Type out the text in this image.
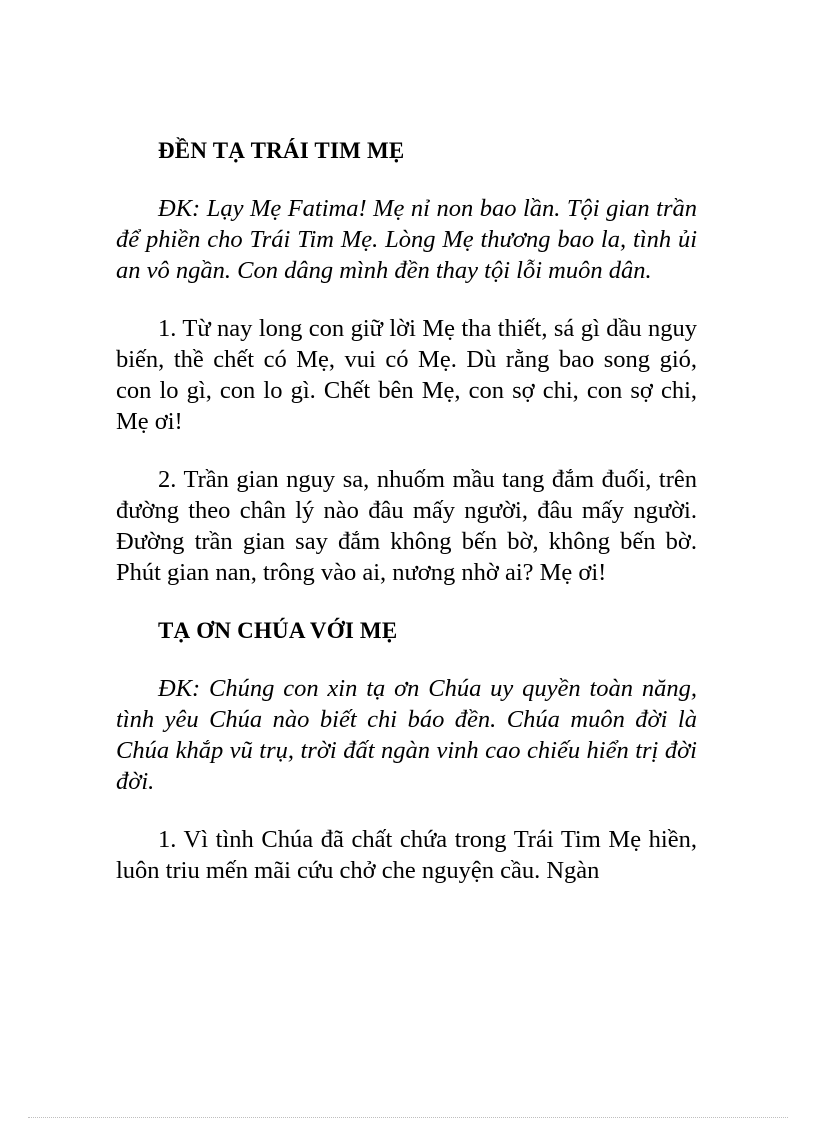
ĐỀN TẠ TRÁI TIM MẸ

ĐK: Lạy Mẹ Fatima! Mẹ nỉ non bao lần. Tội gian trần để phiền cho Trái Tim Mẹ. Lòng Mẹ thương bao la, tình ủi an vô ngần. Con dâng mình đền thay tội lỗi muôn dân.

1. Từ nay long con giữ lời Mẹ tha thiết, sá gì dầu nguy biến, thề chết có Mẹ, vui có Mẹ. Dù rằng bao song gió, con lo gì, con lo gì. Chết bên Mẹ, con sợ chi, con sợ chi, Mẹ ơi!

2. Trần gian nguy sa, nhuốm mầu tang đắm đuối, trên đường theo chân lý nào đâu mấy người, đâu mấy người. Đường trần gian say đắm không bến bờ, không bến bờ. Phút gian nan, trông vào ai, nương nhờ ai? Mẹ ơi!

TẠ ƠN CHÚA VỚI MẸ

ĐK: Chúng con xin tạ ơn Chúa uy quyền toàn năng, tình yêu Chúa nào biết chi báo đền. Chúa muôn đời là Chúa khắp vũ trụ, trời đất ngàn vinh cao chiếu hiển trị đời đời.

1. Vì tình Chúa đã chất chứa trong Trái Tim Mẹ hiền, luôn triu mến mãi cứu chở che nguyện cầu. Ngàn
